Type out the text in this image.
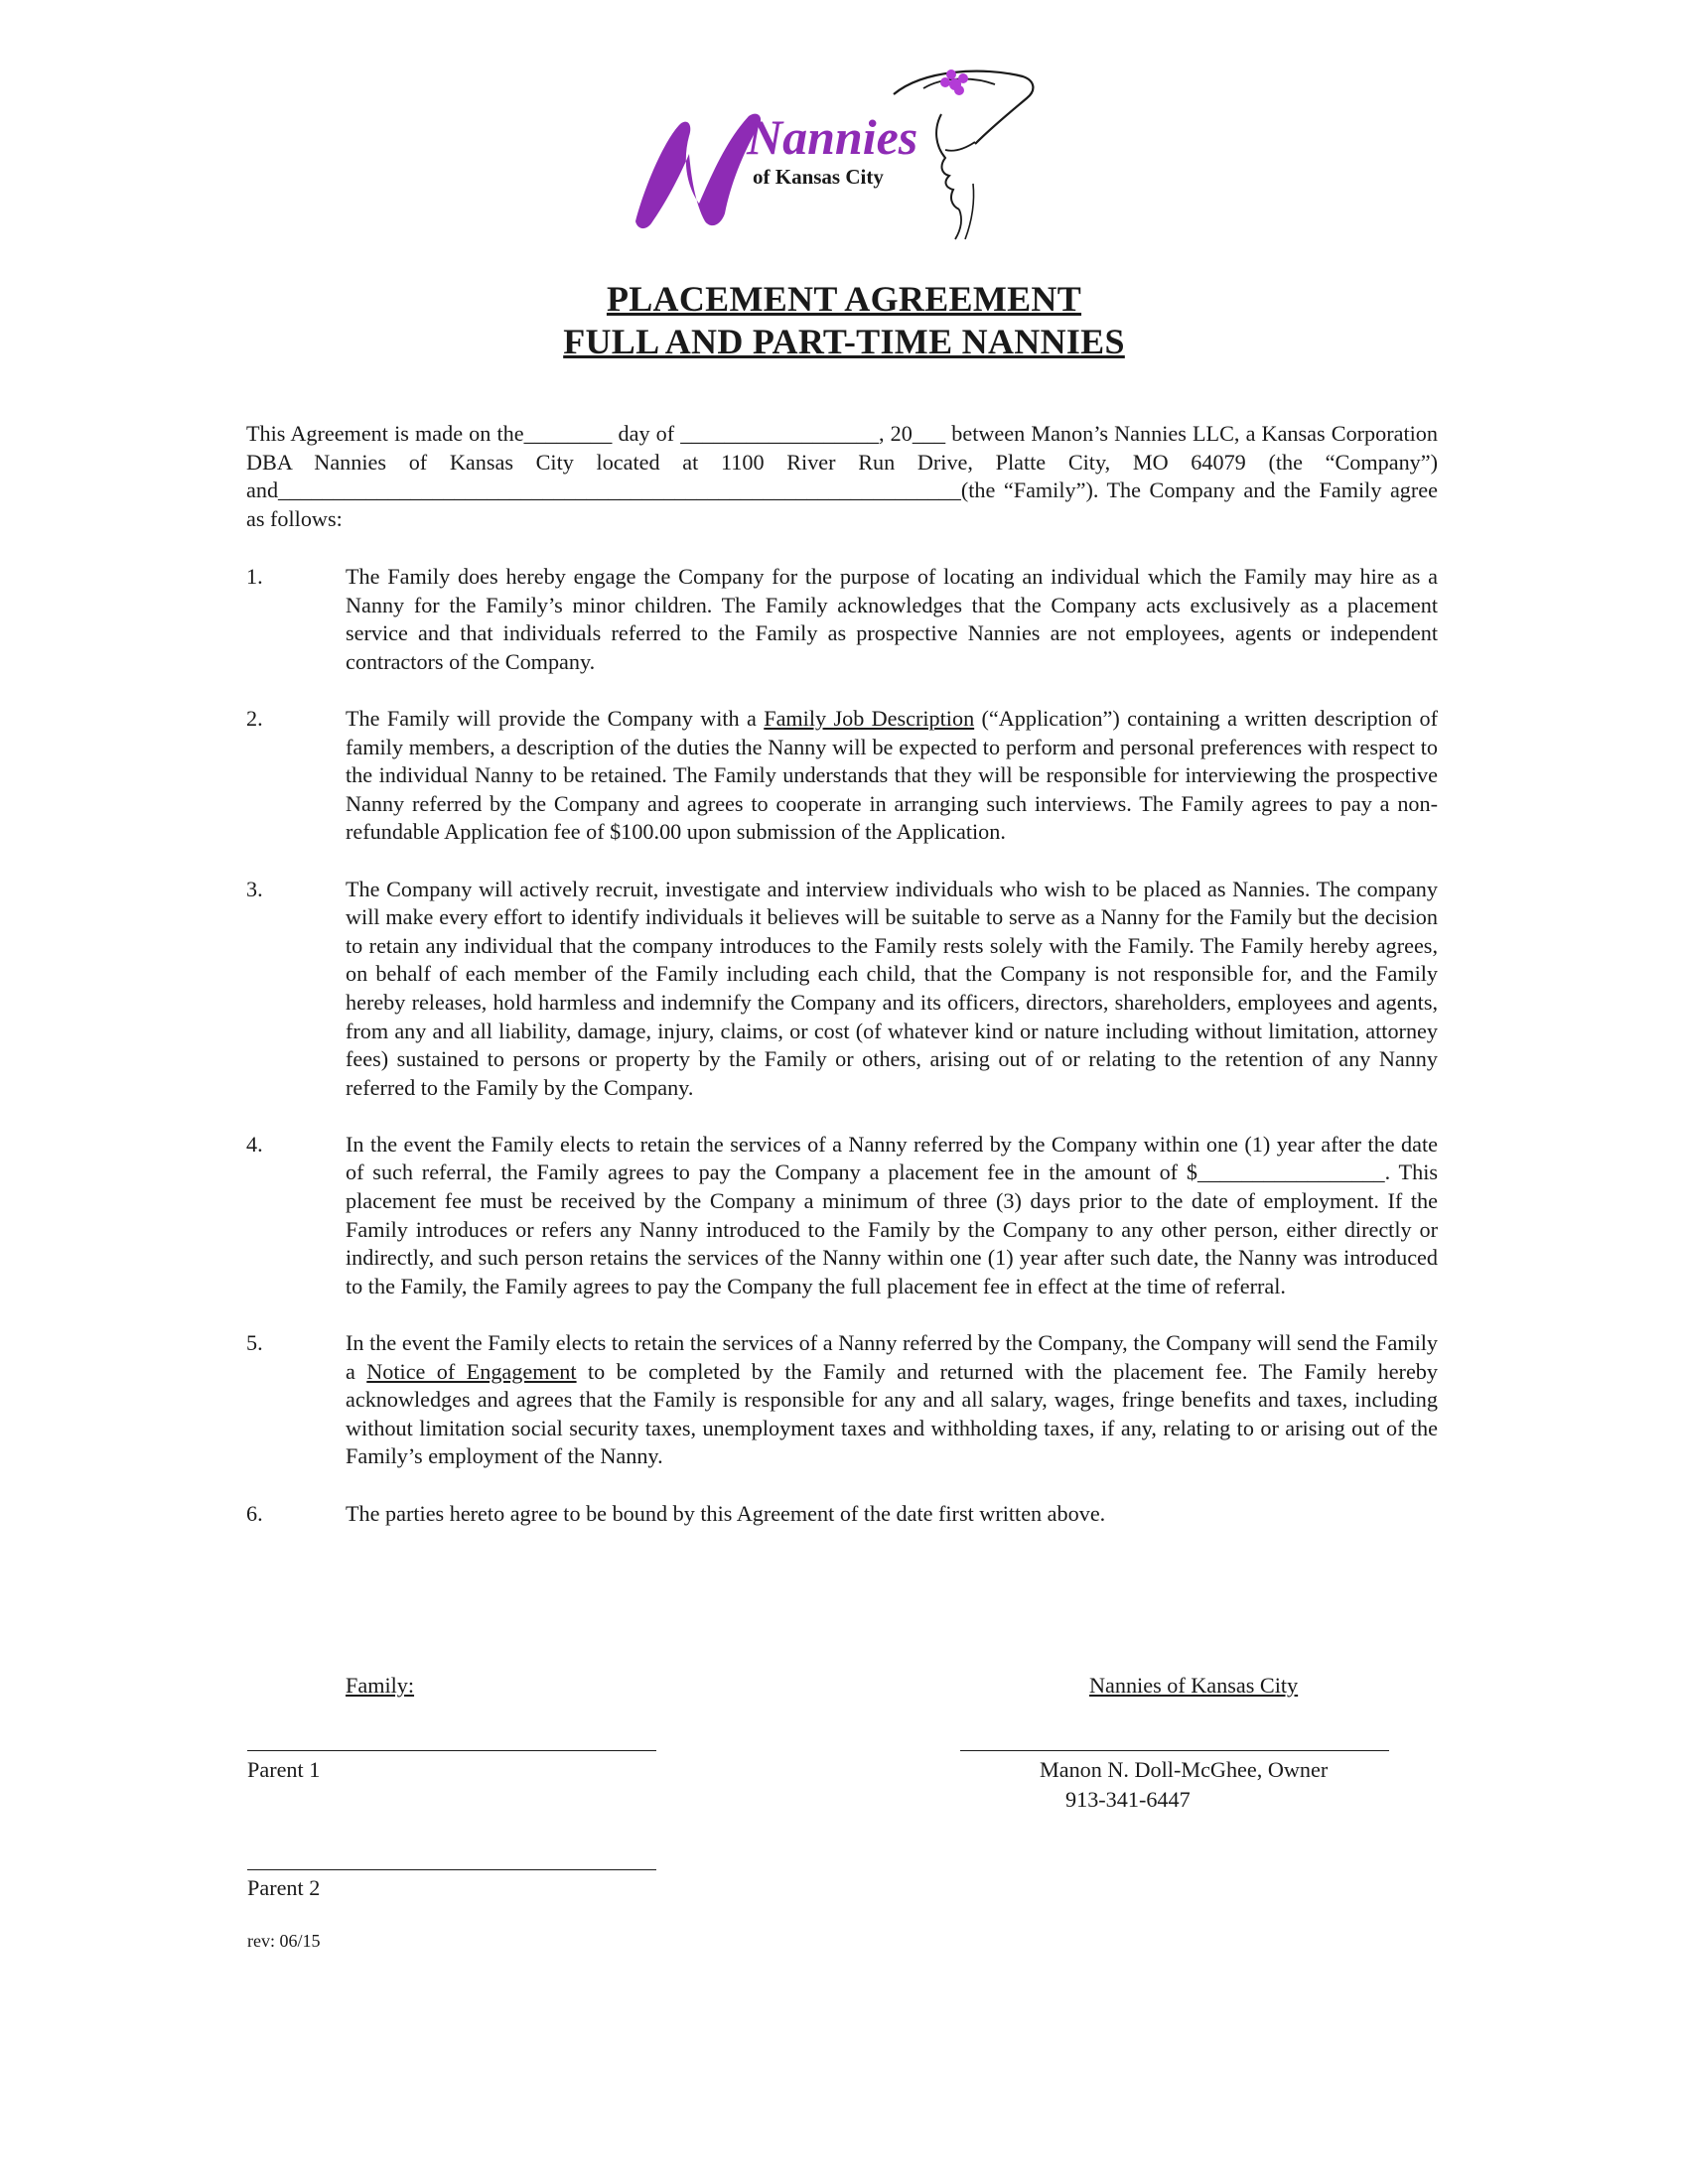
Nannies
of Kansas City
PLACEMENT AGREEMENT
FULL AND PART-TIME NANNIES
This Agreement is made on the________ day of __________________, 20___ between Manon’s Nannies LLC, a Kansas Corporation DBA Nannies of Kansas City located at 1100 River Run Drive, Platte City, MO 64079 (the “Company”) and______________________________________________________________(the “Family”). The Company and the Family agree as follows:
1.	The Family does hereby engage the Company for the purpose of locating an individual which the Family may hire as a Nanny for the Family’s minor children. The Family acknowledges that the Company acts exclusively as a placement service and that individuals referred to the Family as prospective Nannies are not employees, agents or independent contractors of the Company.
2.	The Family will provide the Company with a Family Job Description (“Application”) containing a written description of family members, a description of the duties the Nanny will be expected to perform and personal preferences with respect to the individual Nanny to be retained. The Family understands that they will be responsible for interviewing the prospective Nanny referred by the Company and agrees to cooperate in arranging such interviews. The Family agrees to pay a non-refundable Application fee of $100.00 upon submission of the Application.
3.	The Company will actively recruit, investigate and interview individuals who wish to be placed as Nannies. The company will make every effort to identify individuals it believes will be suitable to serve as a Nanny for the Family but the decision to retain any individual that the company introduces to the Family rests solely with the Family. The Family hereby agrees, on behalf of each member of the Family including each child, that the Company is not responsible for, and the Family hereby releases, hold harmless and indemnify the Company and its officers, directors, shareholders, employees and agents, from any and all liability, damage, injury, claims, or cost (of whatever kind or nature including without limitation, attorney fees) sustained to persons or property by the Family or others, arising out of or relating to the retention of any Nanny referred to the Family by the Company.
4.	In the event the Family elects to retain the services of a Nanny referred by the Company within one (1) year after the date of such referral, the Family agrees to pay the Company a placement fee in the amount of $_________________. This placement fee must be received by the Company a minimum of three (3) days prior to the date of employment. If the Family introduces or refers any Nanny introduced to the Family by the Company to any other person, either directly or indirectly, and such person retains the services of the Nanny within one (1) year after such date, the Nanny was introduced to the Family, the Family agrees to pay the Company the full placement fee in effect at the time of referral.
5.	In the event the Family elects to retain the services of a Nanny referred by the Company, the Company will send the Family a Notice of Engagement to be completed by the Family and returned with the placement fee. The Family hereby acknowledges and agrees that the Family is responsible for any and all salary, wages, fringe benefits and taxes, including without limitation social security taxes, unemployment taxes and withholding taxes, if any, relating to or arising out of the Family’s employment of the Nanny.
6.	The parties hereto agree to be bound by this Agreement of the date first written above.
Family:	Nannies of Kansas City
Parent 1	Manon N. Doll-McGhee, Owner
913-341-6447
Parent 2
rev: 06/15
